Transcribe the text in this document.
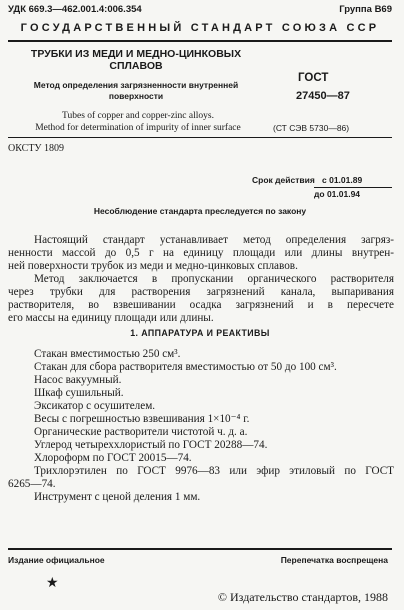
УДК 669.3—462.001.4:006.354	Группа В69
ГОСУДАРСТВЕННЫЙ СТАНДАРТ СОЮЗА ССР
ТРУБКИ ИЗ МЕДИ И МЕДНО-ЦИНКОВЫХ
СПЛАВОВ
Метод определения загрязненности внутренней
поверхности
Tubes of copper and copper-zinc alloys.
Method for determination of impurity of inner surface
ГОСТ
27450—87
(СТ СЭВ 5730—86)
ОКСТУ 1809
Срок действия с 01.01.89
до 01.01.94
Несоблюдение стандарта преследуется по закону
Настоящий стандарт устанавливает метод определения загряз-
ненности массой до 0,5 г на единицу площади или длины внутрен-
ней поверхности трубок из меди и медно-цинковых сплавов.
Метод заключается в пропускании органического растворителя
через трубки для растворения загрязнений канала, выпаривания
растворителя, во взвешивании осадка загрязнений и в пересчете
его массы на единицу площади или длины.
1. АППАРАТУРА И РЕАКТИВЫ
Стакан вместимостью 250 см³.
Стакан для сбора растворителя вместимостью от 50 до 100 см³.
Насос вакуумный.
Шкаф сушильный.
Эксикатор с осушителем.
Весы с погрешностью взвешивания 1×10⁻⁴ г.
Органические растворители чистотой ч. д. а.
Углерод четыреххлористый по ГОСТ 20288—74.
Хлороформ по ГОСТ 20015—74.
Трихлорэтилен по ГОСТ 9976—83 или эфир этиловый по ГОСТ
6265—74.
Инструмент с ценой деления 1 мм.
Издание официальное	Перепечатка воспрещена
★
© Издательство стандартов, 1988
